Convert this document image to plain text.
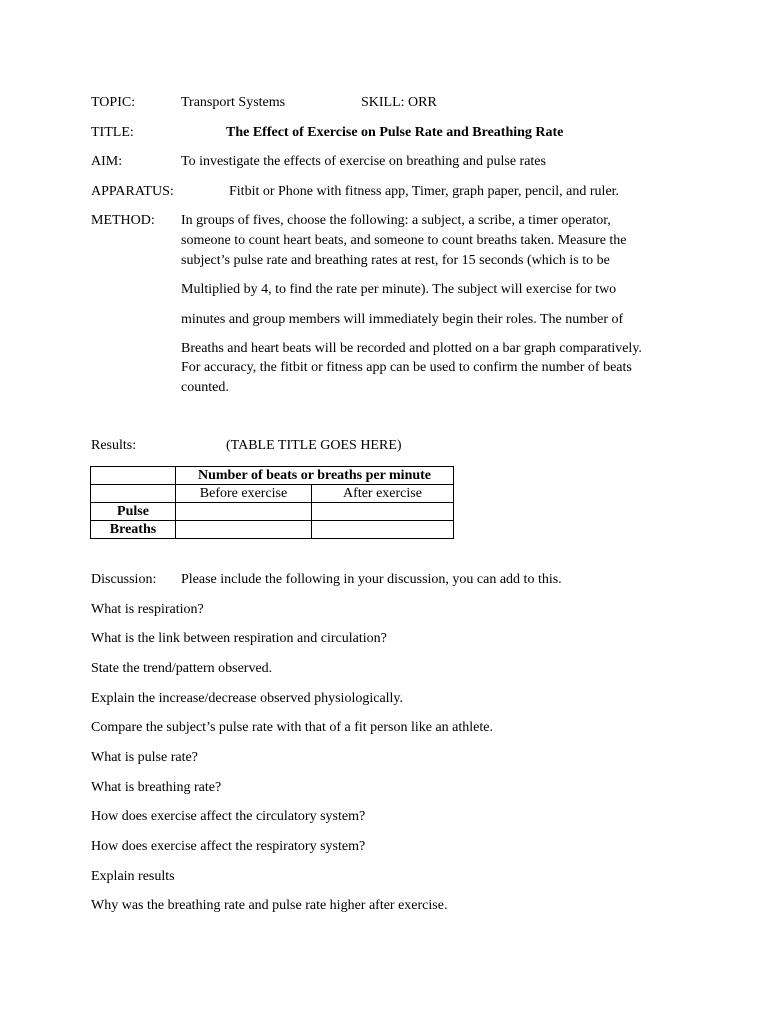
TOPIC:	Transport Systems	SKILL: ORR
TITLE:	The Effect of Exercise on Pulse Rate and Breathing Rate
AIM:	To investigate the effects of exercise on breathing and pulse rates
APPARATUS:	Fitbit or Phone with fitness app, Timer, graph paper, pencil, and ruler.
METHOD: In groups of fives, choose the following: a subject, a scribe, a timer operator,
someone to count heart beats, and someone to count breaths taken. Measure the
subject’s pulse rate and breathing rates at rest, for 15 seconds (which is to be
Multiplied by 4, to find the rate per minute). The subject will exercise for two
minutes and group members will immediately begin their roles. The number of
Breaths and heart beats will be recorded and plotted on a bar graph comparatively.
For accuracy, the fitbit or fitness app can be used to confirm the number of beats
counted.
Results:	(TABLE TITLE GOES HERE)
	Number of beats or breaths per minute	
	Before exercise	After exercise
Pulse		
Breaths		
Discussion: Please include the following in your discussion, you can add to this.
What is respiration?
What is the link between respiration and circulation?
State the trend/pattern observed.
Explain the increase/decrease observed physiologically.
Compare the subject’s pulse rate with that of a fit person like an athlete.
What is pulse rate?
What is breathing rate?
How does exercise affect the circulatory system?
How does exercise affect the respiratory system?
Explain results
Why was the breathing rate and pulse rate higher after exercise.
